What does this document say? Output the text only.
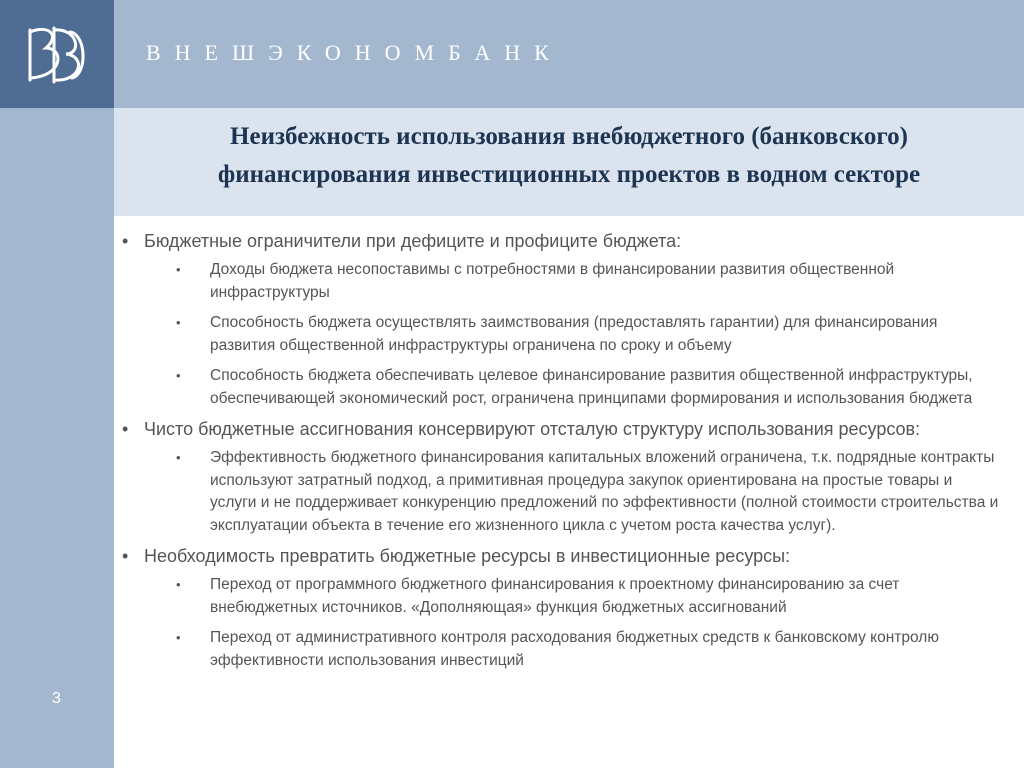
ВНЕШЭКОНОМБАНК
3
Неизбежность использования внебюджетного (банковского)
финансирования инвестиционных проектов в водном секторе
• Бюджетные ограничители при дефиците и профиците бюджета:
• Доходы бюджета несопоставимы с потребностями в финансировании развития общественной инфраструктуры
• Способность бюджета осуществлять заимствования (предоставлять гарантии) для финансирования развития общественной инфраструктуры ограничена по сроку и объему
• Способность бюджета обеспечивать целевое финансирование развития общественной инфраструктуры, обеспечивающей экономический рост, ограничена принципами формирования и использования бюджета
• Чисто бюджетные ассигнования консервируют отсталую структуру использования ресурсов:
• Эффективность бюджетного финансирования капитальных вложений ограничена, т.к. подрядные контракты используют затратный подход, а примитивная процедура закупок ориентирована на простые товары и услуги и не поддерживает конкуренцию предложений по эффективности (полной стоимости строительства и эксплуатации объекта в течение его жизненного цикла с учетом роста качества услуг).
• Необходимость превратить бюджетные ресурсы в инвестиционные ресурсы:
• Переход от программного бюджетного финансирования к проектному финансированию за счет внебюджетных источников. «Дополняющая» функция бюджетных ассигнований
• Переход от административного контроля расходования бюджетных средств к банковскому контролю эффективности использования инвестиций
